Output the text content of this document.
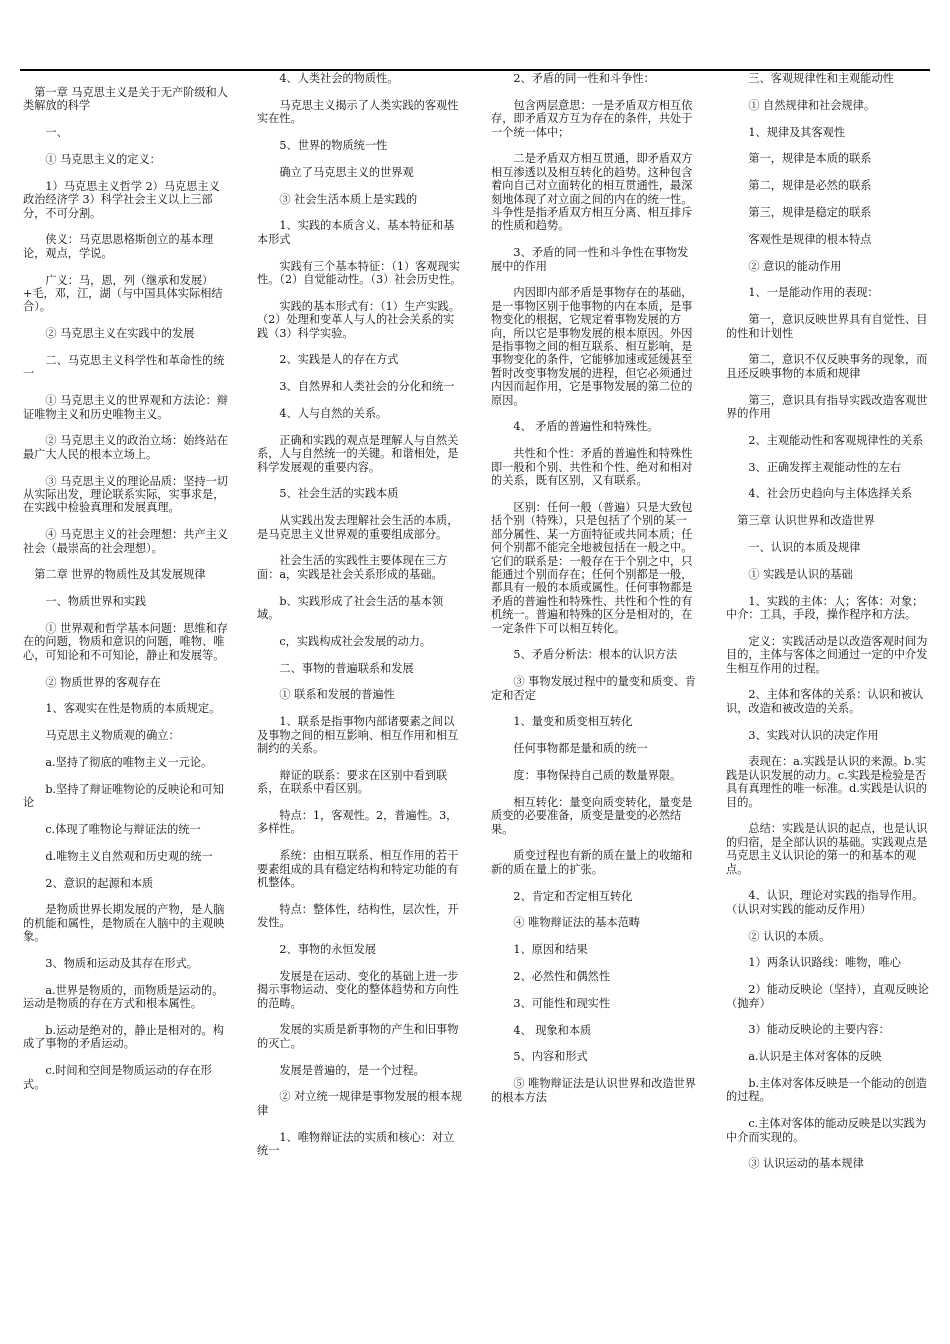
第一章 马克思主义是关于无产阶级和人类解放的科学

一、

① 马克思主义的定义：

1）马克思主义哲学 2）马克思主义政治经济学 3）科学社会主义以上三部分，不可分割。

侠义：马克思恩格斯创立的基本理论，观点，学说。

广义：马，恩，列（继承和发展）+毛，邓，江，湖（与中国具体实际相结合）。

② 马克思主义在实践中的发展

二、马克思主义科学性和革命性的统一

① 马克思主义的世界观和方法论：辩证唯物主义和历史唯物主义。

② 马克思主义的政治立场：始终站在最广大人民的根本立场上。

③ 马克思主义的理论品质：坚持一切从实际出发，理论联系实际，实事求是，在实践中检验真理和发展真理。

④ 马克思主义的社会理想：共产主义社会（最崇高的社会理想）。

第二章 世界的物质性及其发展规律

一、物质世界和实践

① 世界观和哲学基本问题：思维和存在的问题，物质和意识的问题，唯物、唯心，可知论和不可知论，静止和发展等。

② 物质世界的客观存在

1、客观实在性是物质的本质规定。

马克思主义物质观的确立：

a.坚持了彻底的唯物主义一元论。

b.坚持了辩证唯物论的反映论和可知论

c.体现了唯物论与辩证法的统一

d.唯物主义自然观和历史观的统一

2、意识的起源和本质

是物质世界长期发展的产物，是人脑的机能和属性，是物质在人脑中的主观映象。

3、物质和运动及其存在形式。

a.世界是物质的，而物质是运动的。运动是物质的存在方式和根本属性。

b.运动是绝对的，静止是相对的。构成了事物的矛盾运动。

c.时间和空间是物质运动的存在形式。

4、人类社会的物质性。

马克思主义揭示了人类实践的客观性实在性。

5、世界的物质统一性

确立了马克思主义的世界观

③ 社会生活本质上是实践的

1、实践的本质含义、基本特征和基本形式

实践有三个基本特征：（1）客观现实性。（2）自觉能动性。（3）社会历史性。

实践的基本形式有：（1）生产实践。（2）处理和变革人与人的社会关系的实践（3）科学实验。

2、实践是人的存在方式

3、自然界和人类社会的分化和统一

4、人与自然的关系。

正确和实践的观点是理解人与自然关系，人与自然统一的关键。和谐相处，是科学发展观的重要内容。

5、社会生活的实践本质

从实践出发去理解社会生活的本质，是马克思主义世界观的重要组成部分。

社会生活的实践性主要体现在三方面：a，实践是社会关系形成的基础。

b、实践形成了社会生活的基本领域。

c，实践构成社会发展的动力。

二、事物的普遍联系和发展

① 联系和发展的普遍性

1、联系是指事物内部诸要素之间以及事物之间的相互影响、相互作用和相互制约的关系。

辩证的联系：要求在区别中看到联系，在联系中看区别。

特点：1，客观性。2，普遍性。3，多样性。

系统：由相互联系、相互作用的若干要素组成的具有稳定结构和特定功能的有机整体。

特点：整体性，结构性，层次性，开发性。

2、事物的永恒发展

发展是在运动、变化的基础上进一步揭示事物运动、变化的整体趋势和方向性的范畴。

发展的实质是新事物的产生和旧事物的灭亡。

发展是普遍的，是一个过程。

② 对立统一规律是事物发展的根本规律

1、唯物辩证法的实质和核心：对立统一

2、矛盾的同一性和斗争性：

包含两层意思：一是矛盾双方相互依存，即矛盾双方互为存在的条件，共处于一个统一体中；

二是矛盾双方相互贯通，即矛盾双方相互渗透以及相互转化的趋势。这种包含着向自己对立面转化的相互贯通性，最深刻地体现了对立面之间的内在的统一性。斗争性是指矛盾双方相互分离、相互排斥的性质和趋势。

3、矛盾的同一性和斗争性在事物发展中的作用

内因即内部矛盾是事物存在的基础，是一事物区别于他事物的内在本质，是事物变化的根据，它规定着事物发展的方向，所以它是事物发展的根本原因。外因是指事物之间的相互联系、相互影响，是事物变化的条件，它能够加速或延缓甚至暂时改变事物发展的进程，但它必须通过内因而起作用，它是事物发展的第二位的原因。

4、 矛盾的普遍性和特殊性。

共性和个性：矛盾的普遍性和特殊性即一般和个别、共性和个性、绝对和相对的关系，既有区别，又有联系。

区别：任何一般（普遍）只是大致包括个别（特殊），只是包括了个别的某一部分属性、某一方面特征或共同本质；任何个别都不能完全地被包括在一般之中。它们的联系是：一般存在于个别之中，只能通过个别而存在；任何个别都是一般，都具有一般的本质或属性。任何事物都是矛盾的普遍性和特殊性、共性和个性的有机统一。普遍和特殊的区分是相对的，在一定条件下可以相互转化。

5、矛盾分析法：根本的认识方法

③ 事物发展过程中的量变和质变、肯定和否定

1、量变和质变相互转化

任何事物都是量和质的统一

度：事物保持自己质的数量界限。

相互转化：量变向质变转化，量变是质变的必要准备，质变是量变的必然结果。

质变过程也有新的质在量上的收缩和新的质在量上的扩张。

2、肯定和否定相互转化

④ 唯物辩证法的基本范畴

1、原因和结果

2、必然性和偶然性

3、可能性和现实性

4、 现象和本质

5、内容和形式

⑤ 唯物辩证法是认识世界和改造世界的根本方法

三、客观规律性和主观能动性

① 自然规律和社会规律。

1、规律及其客观性

第一，规律是本质的联系

第二，规律是必然的联系

第三，规律是稳定的联系

客观性是规律的根本特点

② 意识的能动作用

1、一是能动作用的表现：

第一，意识反映世界具有自觉性、目的性和计划性

第二，意识不仅反映事务的现象，而且还反映事物的本质和规律

第三，意识具有指导实践改造客观世界的作用

2、主观能动性和客观规律性的关系

3、正确发挥主观能动性的左右

4、社会历史趋向与主体选择关系

第三章 认识世界和改造世界

一、认识的本质及规律

① 实践是认识的基础

1、实践的主体：人；客体：对象；中介：工具，手段，操作程序和方法。

定义：实践活动是以改造客观时间为目的，主体与客体之间通过一定的中介发生相互作用的过程。

2、主体和客体的关系：认识和被认识，改造和被改造的关系。

3、实践对认识的决定作用

表现在：a.实践是认识的来源。b.实践是认识发展的动力。c.实践是检验是否具有真理性的唯一标准。d.实践是认识的目的。

总结：实践是认识的起点，也是认识的归宿，是全部认识的基础。实践观点是马克思主义认识论的第一的和基本的观点。

4、认识，理论对实践的指导作用。（认识对实践的能动反作用）

② 认识的本质。

1）两条认识路线：唯物，唯心

2）能动反映论（坚持），直观反映论（抛弃）

3）能动反映论的主要内容：

a.认识是主体对客体的反映

b.主体对客体反映是一个能动的创造的过程。

c.主体对客体的能动反映是以实践为中介而实现的。

③ 认识运动的基本规律
